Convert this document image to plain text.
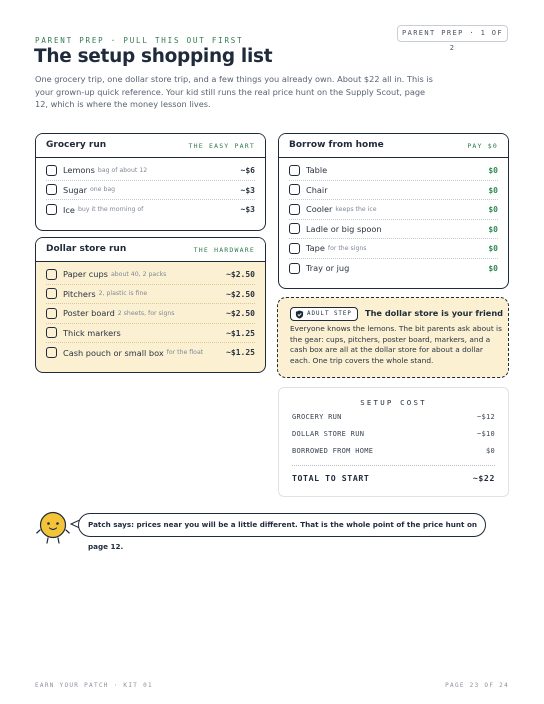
PARENT PREP · 1 OF 2
PARENT PREP · PULL THIS OUT FIRST
The setup shopping list

One grocery trip, one dollar store trip, and a few things you already own. About $22 all in. This is your grown-up quick reference. Your kid still runs the real price hunt on the Supply Scout, page 12, which is where the money lesson lives.

Grocery run	THE EASY PART
Lemons bag of about 12	~$6
Sugar one bag	~$3
Ice buy it the morning of	~$3
Dollar store run	THE HARDWARE
Paper cups about 40, 2 packs	~$2.50
Pitchers 2, plastic is fine	~$2.50
Poster board 2 sheets, for signs	~$2.50
Thick markers	~$1.25
Cash pouch or small box for the float	~$1.25
Borrow from home	PAY $0
Table	$0
Chair	$0
Cooler keeps the ice	$0
Ladle or big spoon	$0
Tape for the signs	$0
Tray or jug	$0
ADULT STEP	The dollar store is your friend
Everyone knows the lemons. The bit parents ask about is the gear: cups, pitchers, poster board, markers, and a cash box are all at the dollar store for about a dollar each. One trip covers the whole stand.
SETUP COST
GROCERY RUN	~$12
DOLLAR STORE RUN	~$10
BORROWED FROM HOME	$0
TOTAL TO START	~$22
Patch says: prices near you will be a little different. That is the whole point of the price hunt on page 12.
EARN YOUR PATCH · KIT 01	PAGE 23 OF 24
